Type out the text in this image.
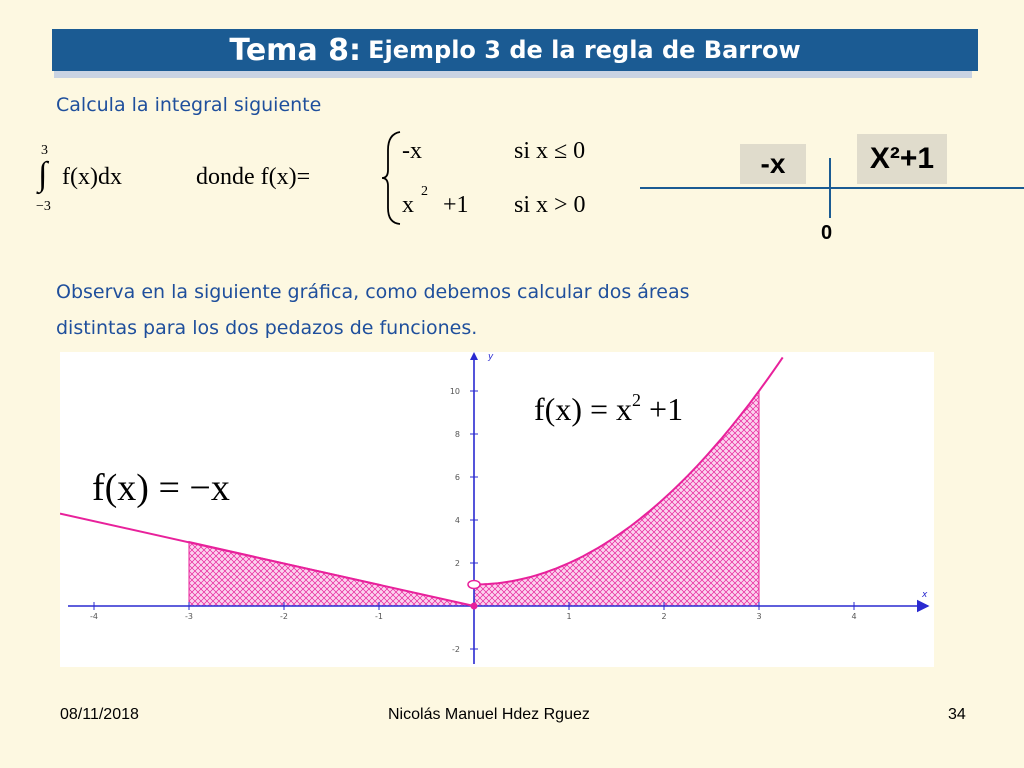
Tema 8:
Ejemplo 3 de la regla de Barrow
Calcula la integral siguiente
3
∫
−3
f(x)dx	donde f(x)=
-x	si x ≤ 0
x
2
+1 si x > 0
-x	X²+1
0
Observa en la siguiente gráfica, como debemos calcular dos áreas
distintas para los dos pedazos de funciones.
-4	-3	-2	-1	1	2	3	4
-2
2
4
6
8
10
f(x) = −x
$f(x) = x^2 +1$
x
y
08/11/2018	Nicolás Manuel Hdez Rguez	34
